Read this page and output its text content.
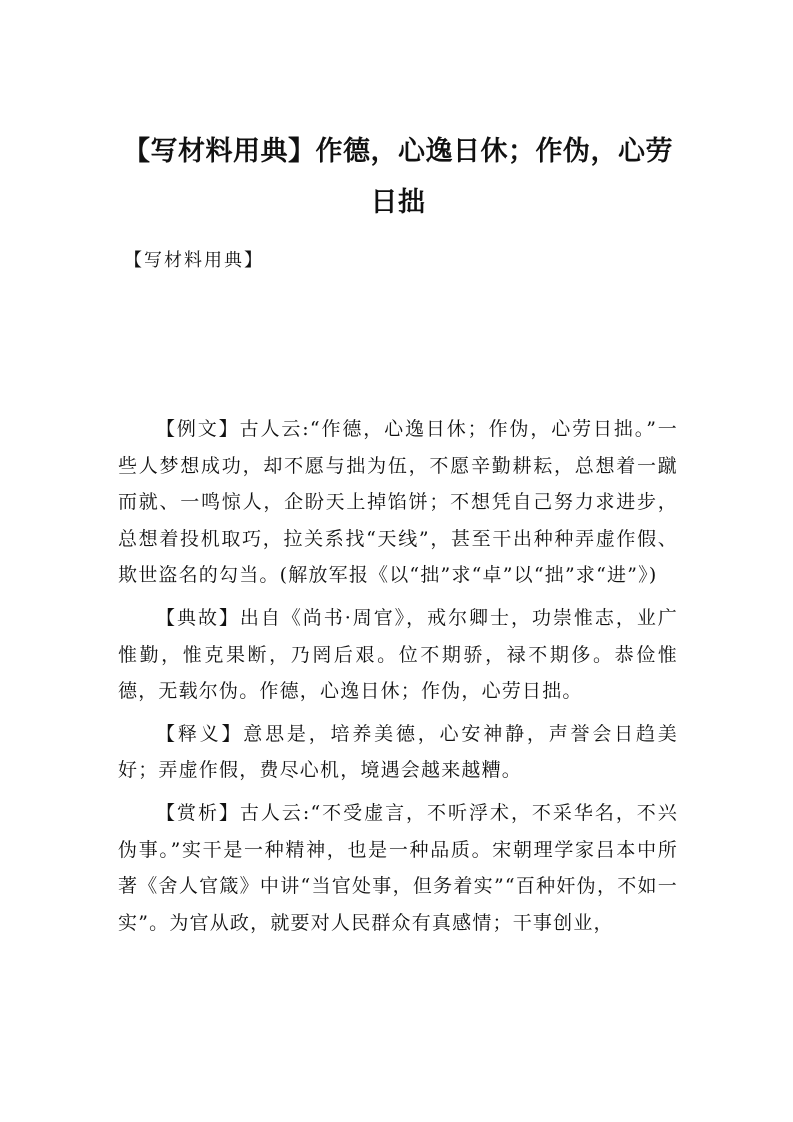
【写材料用典】作德，心逸日休；作伪，心劳日拙
【写材料用典】

【例文】古人云:“作德，心逸日休；作伪，心劳日拙。”一些人梦想成功，却不愿与拙为伍，不愿辛勤耕耘，总想着一蹴而就、一鸣惊人，企盼天上掉馅饼；不想凭自己努力求进步，总想着投机取巧，拉关系找“天线”，甚至干出种种弄虚作假、欺世盗名的勾当。(解放军报《以“拙”求“卓”以“拙”求“进”》)

【典故】出自《尚书·周官》，戒尔卿士，功崇惟志，业广惟勤，惟克果断，乃罔后艰。位不期骄，禄不期侈。恭俭惟德，无载尔伪。作德，心逸日休；作伪，心劳日拙。

【释义】意思是，培养美德，心安神静，声誉会日趋美好；弄虚作假，费尽心机，境遇会越来越糟。

【赏析】古人云:“不受虚言，不听浮术，不采华名，不兴伪事。”实干是一种精神，也是一种品质。宋朝理学家吕本中所著《舍人官箴》中讲“当官处事，但务着实”“百种奸伪，不如一实”。为官从政，就要对人民群众有真感情；干事创业，
